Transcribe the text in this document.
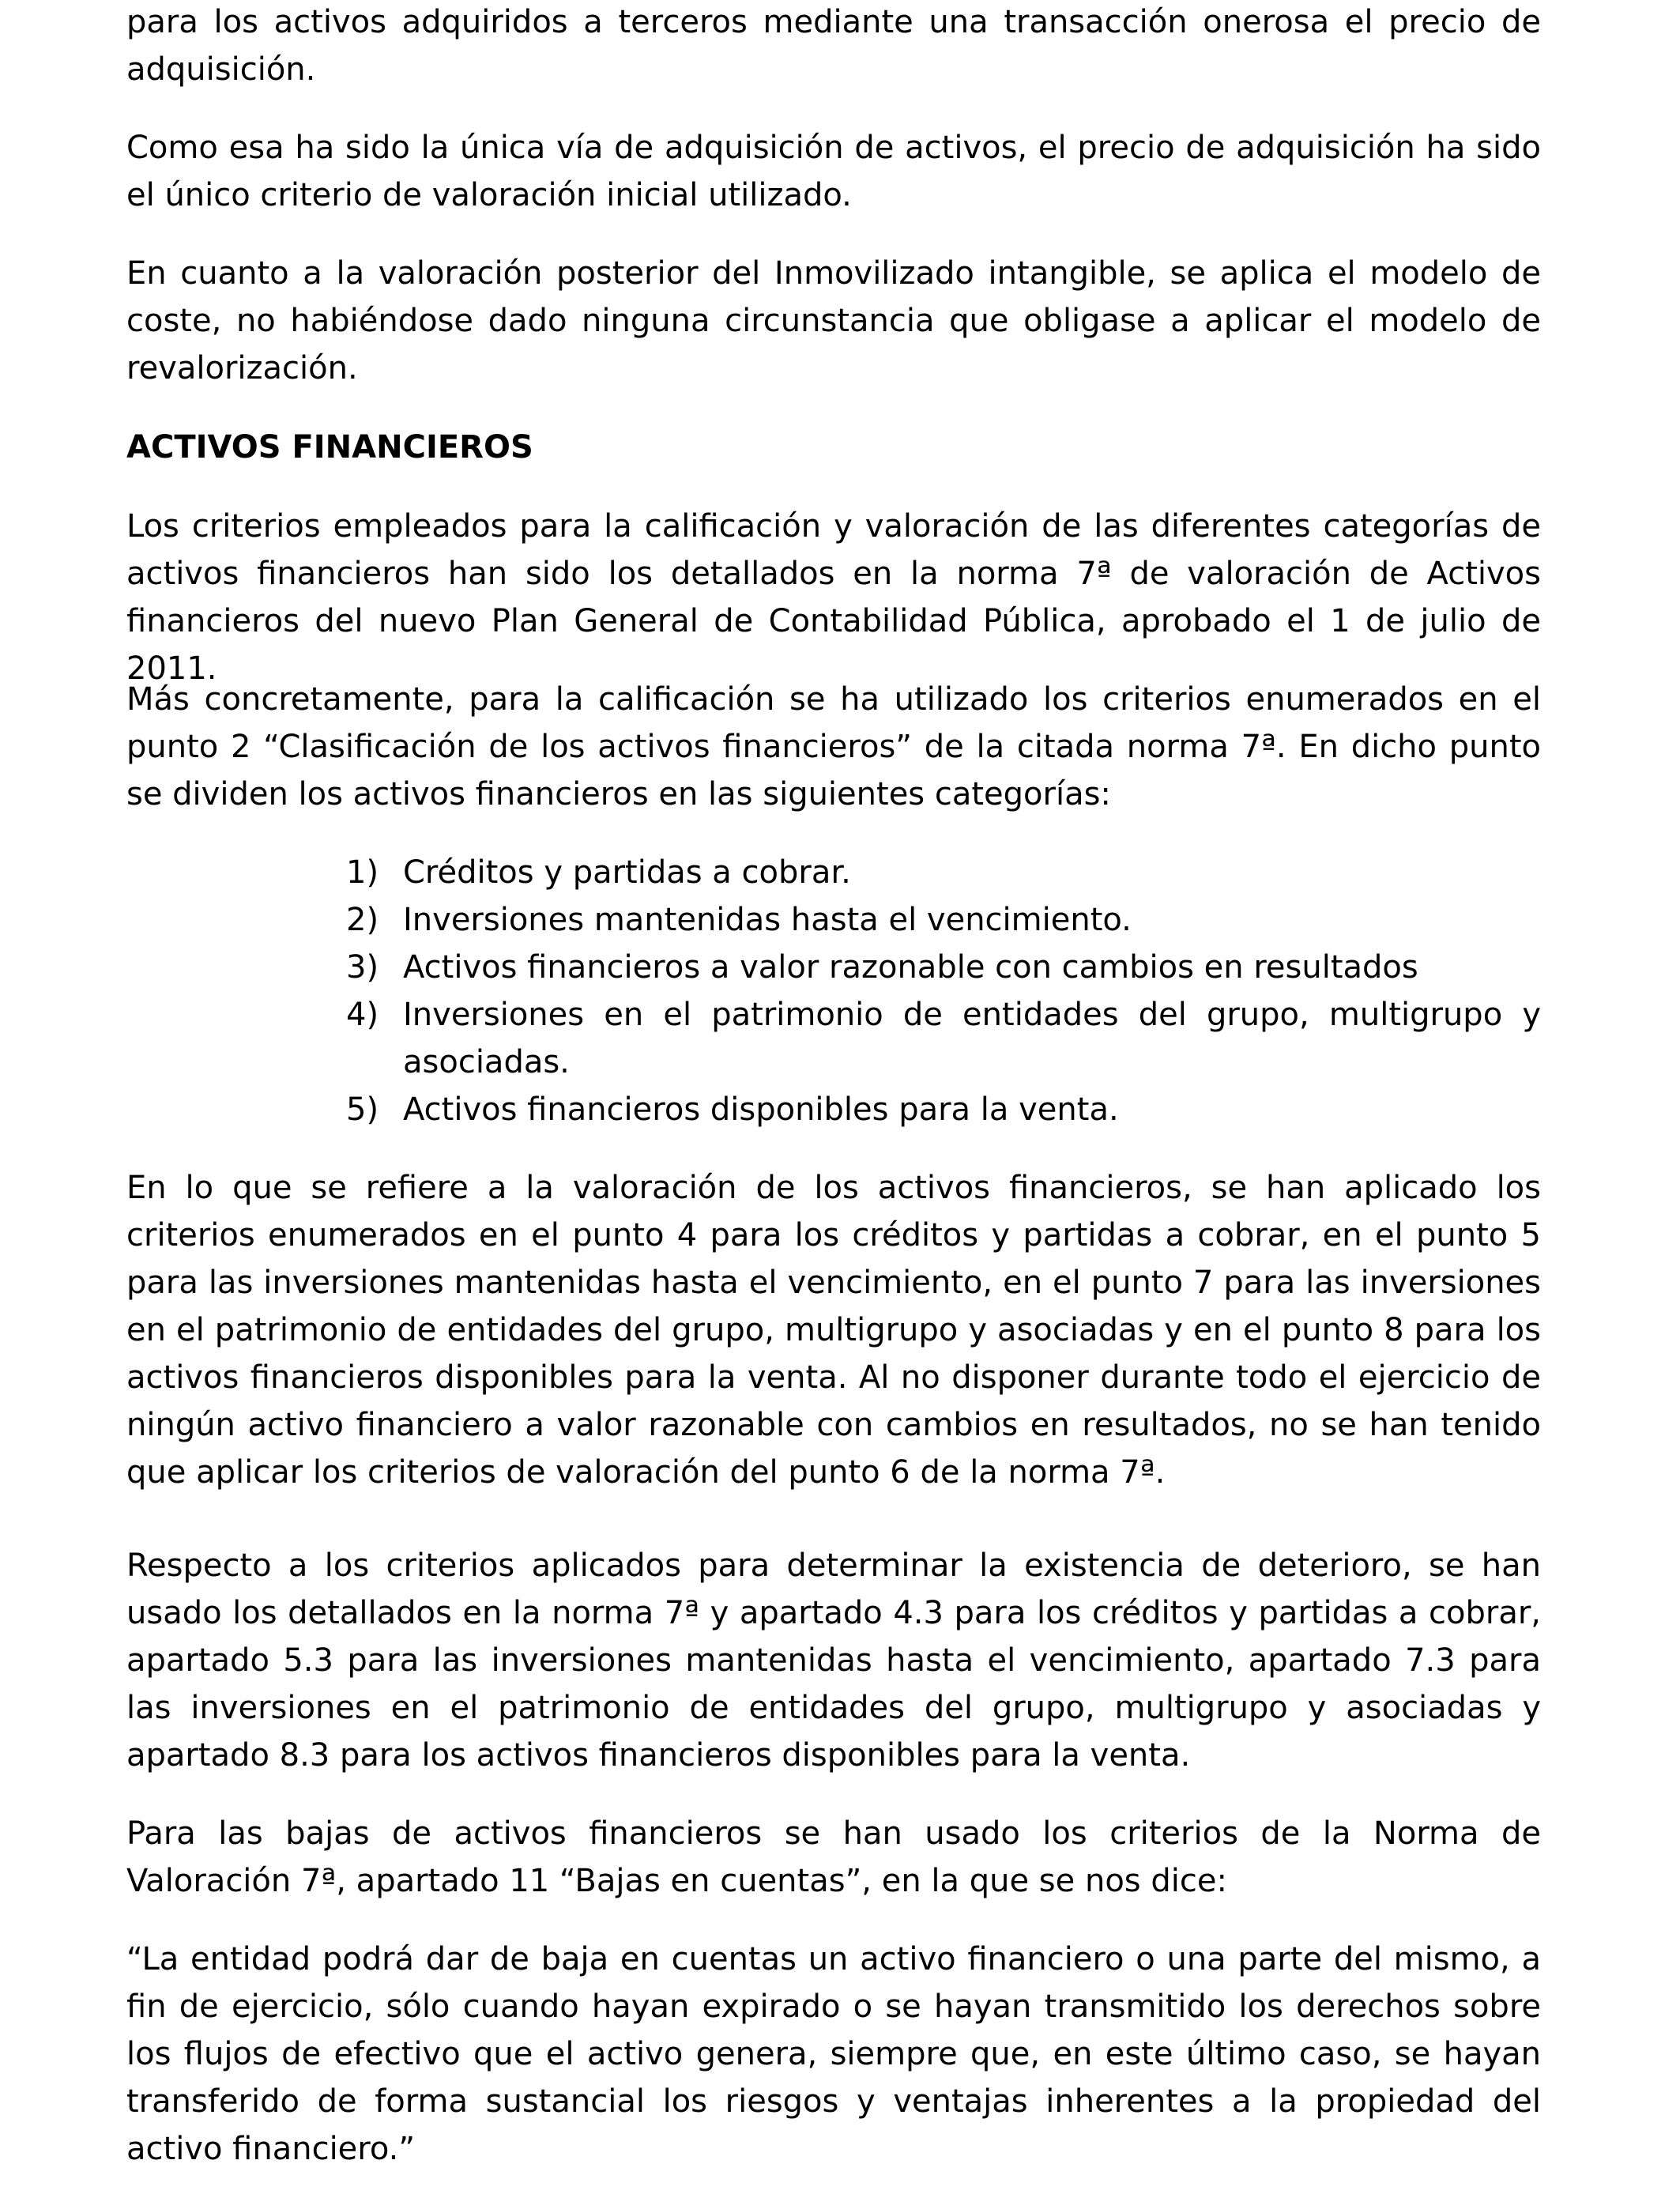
para los activos adquiridos a terceros mediante una transacción onerosa el precio de adquisición.

Como esa ha sido la única vía de adquisición de activos, el precio de adquisición ha sido el único criterio de valoración inicial utilizado.

En cuanto a la valoración posterior del Inmovilizado intangible, se aplica el modelo de coste, no habiéndose dado ninguna circunstancia que obligase a aplicar el modelo de revalorización.

ACTIVOS FINANCIEROS

Los criterios empleados para la calificación y valoración de las diferentes categorías de activos financieros han sido los detallados en la norma 7ª de valoración de Activos financieros del nuevo Plan General de Contabilidad Pública, aprobado el 1 de julio de 2011.

Más concretamente, para la calificación se ha utilizado los criterios enumerados en el punto 2 “Clasificación de los activos financieros” de la citada norma 7ª. En dicho punto se dividen los activos financieros en las siguientes categorías:

1) Créditos y partidas a cobrar.
2) Inversiones mantenidas hasta el vencimiento.
3) Activos financieros a valor razonable con cambios en resultados
4) Inversiones en el patrimonio de entidades del grupo, multigrupo y asociadas.
5) Activos financieros disponibles para la venta.

En lo que se refiere a la valoración de los activos financieros, se han aplicado los criterios enumerados en el punto 4 para los créditos y partidas a cobrar, en el punto 5 para las inversiones mantenidas hasta el vencimiento, en el punto 7 para las inversiones en el patrimonio de entidades del grupo, multigrupo y asociadas y en el punto 8 para los activos financieros disponibles para la venta. Al no disponer durante todo el ejercicio de ningún activo financiero a valor razonable con cambios en resultados, no se han tenido que aplicar los criterios de valoración del punto 6 de la norma 7ª.

Respecto a los criterios aplicados para determinar la existencia de deterioro, se han usado los detallados en la norma 7ª y apartado 4.3 para los créditos y partidas a cobrar, apartado 5.3 para las inversiones mantenidas hasta el vencimiento, apartado 7.3 para las inversiones en el patrimonio de entidades del grupo, multigrupo y asociadas y apartado 8.3 para los activos financieros disponibles para la venta.

Para las bajas de activos financieros se han usado los criterios de la Norma de Valoración 7ª, apartado 11 “Bajas en cuentas”, en la que se nos dice:

“La entidad podrá dar de baja en cuentas un activo financiero o una parte del mismo, a fin de ejercicio, sólo cuando hayan expirado o se hayan transmitido los derechos sobre los flujos de efectivo que el activo genera, siempre que, en este último caso, se hayan transferido de forma sustancial los riesgos y ventajas inherentes a la propiedad del activo financiero.”
